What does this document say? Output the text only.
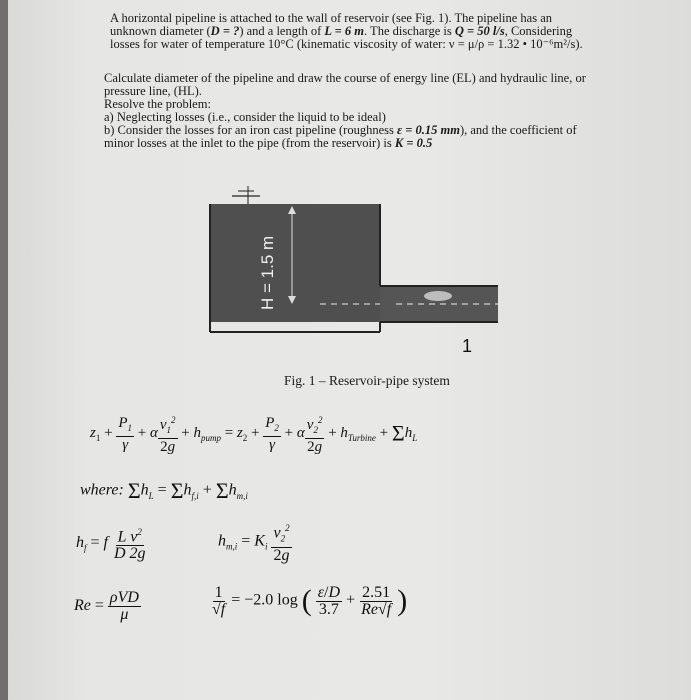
A horizontal pipeline is attached to the wall of reservoir (see Fig. 1). The pipeline has an
unknown diameter (D = ?) and a length of L = 6 m. The discharge is Q = 50 l/s, Considering
losses for water of temperature 10°C (kinematic viscosity of water: ν = μ/ρ = 1.32 • 10⁻⁶m²/s).
Calculate diameter of the pipeline and draw the course of energy line (EL) and hydraulic line, or
pressure line, (HL).
Resolve the problem:
a) Neglecting losses (i.e., consider the liquid to be ideal)
b) Consider the losses for an iron cast pipeline (roughness ε = 0.15 mm), and the coefficient of
minor losses at the inlet to the pipe (from the reservoir) is K = 0.5
1
H = 1.5 m
Fig. 1 – Reservoir-pipe system
$z_1 + \frac{P_1}{\gamma} + \alpha \frac{v_1^2}{2g} + h_{pump} = z_2 + \frac{P_2}{\gamma} + \alpha \frac{v_2^2}{2g} + h_{Turbine} + \Sigma h_L$
where: $\Sigma h_L = \Sigma h_{f,i} + \Sigma h_{m,i}$
$h_f = f \frac{L v^2}{D 2g}$	$h_{m,i} = K_i \frac{v_2^2}{2g}$
$Re = \frac{\text{ρVD}}{\mu}$	$\frac{1}{√f} = -2.0$ log ( $\frac{\varepsilon/D}{3.7} + \frac{2.51}{Re√f}$ )
